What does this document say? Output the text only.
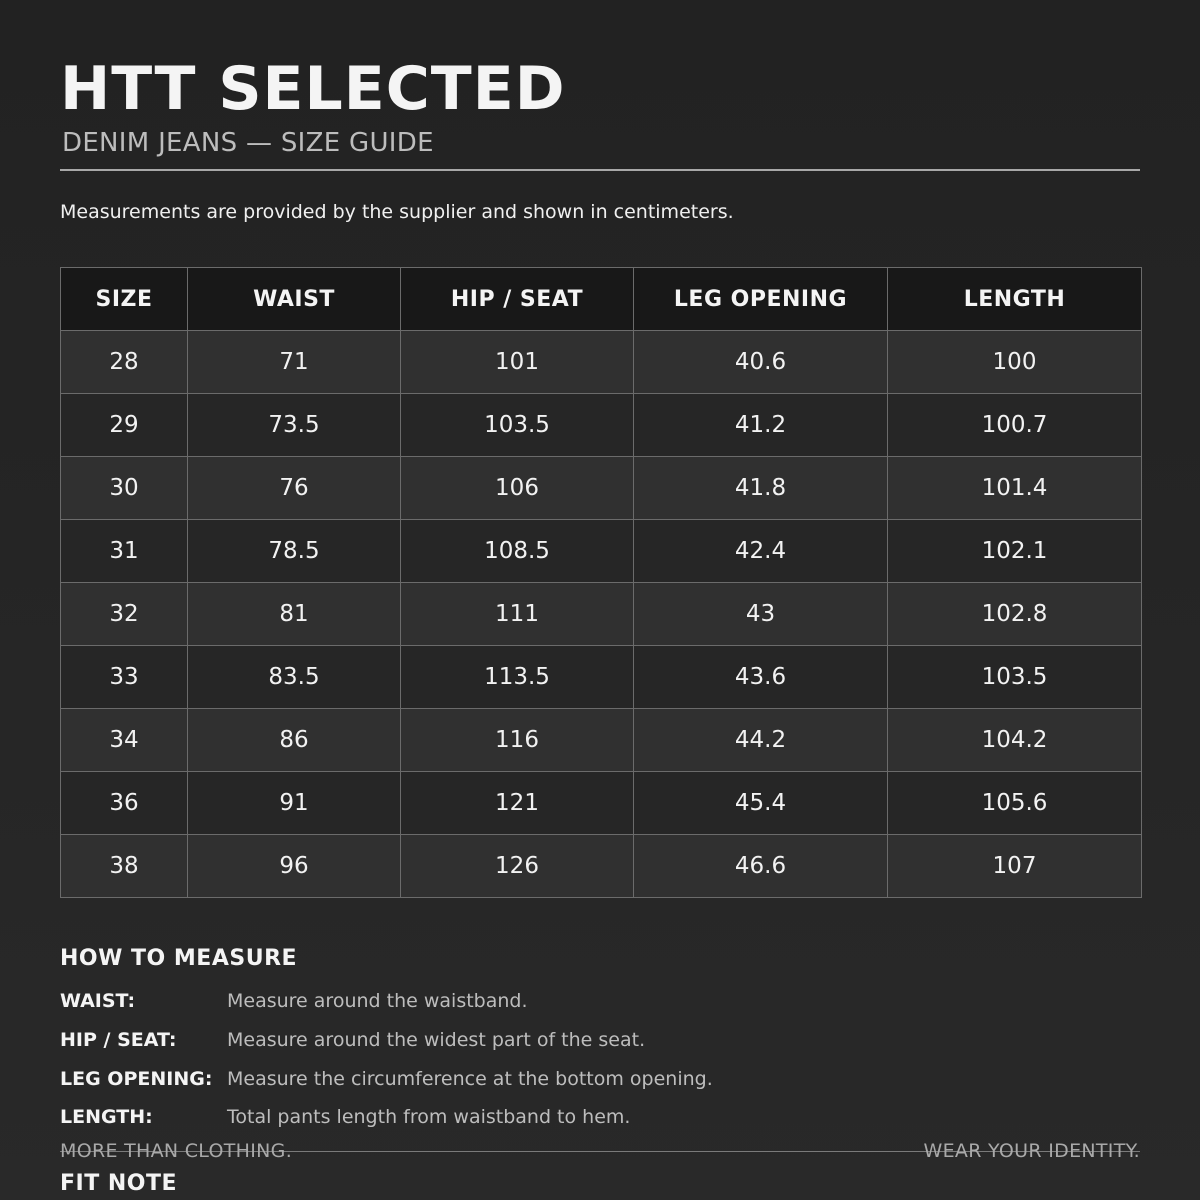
HTT SELECTED
DENIM JEANS — SIZE GUIDE
Measurements are provided by the supplier and shown in centimeters.
SIZE	WAIST	HIP / SEAT	LEG OPENING	LENGTH
28	71	101	40.6	100
29	73.5	103.5	41.2	100.7
30	76	106	41.8	101.4
31	78.5	108.5	42.4	102.1
32	81	111	43	102.8
33	83.5	113.5	43.6	103.5
34	86	116	44.2	104.2
36	91	121	45.4	105.6
38	96	126	46.6	107
HOW TO MEASURE
WAIST:	Measure around the waistband.
HIP / SEAT:	Measure around the widest part of the seat.
LEG OPENING: Measure the circumference at the bottom opening.
LENGTH:	Total pants length from waistband to hem.
MORE THAN CLOTHING.	WEAR YOUR IDENTITY.
FIT NOTE
